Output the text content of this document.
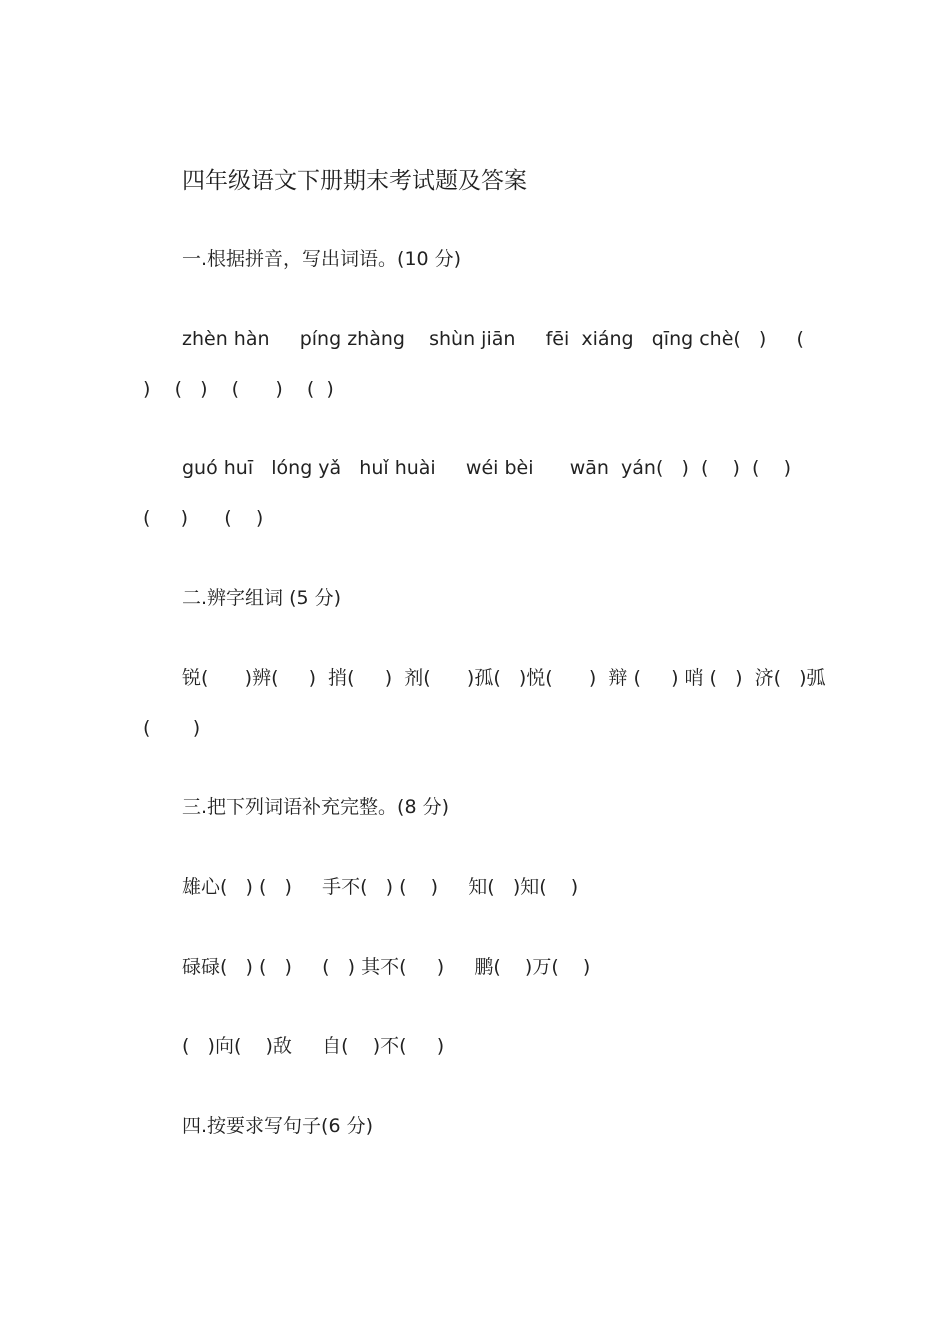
四年级语文下册期末考试题及答案
一.根据拼音，写出词语。(10 分)
zhèn hàn     píng zhàng    shùn jiān     fēi  xiáng   qīng chè(   )     (
)    (   )    (      )    (  )
guó huī   lóng yǎ   huǐ huài     wéi bèi      wān  yán(   )  (    )  (    )
(     )      (    )
二.辨字组词 (5 分)
锐(      )辨(     )  捎(     )  剂(      )孤(   )悦(      )  辩 (     ) 哨 (   )  济(   )弧
(       )
三.把下列词语补充完整。(8 分)
雄心(   ) (   )     手不(   ) (    )     知(   )知(    )
碌碌(   ) (   )     (   ) 其不(     )     鹏(    )万(    )
(   )向(    )敌     自(    )不(     )
四.按要求写句子(6 分)
